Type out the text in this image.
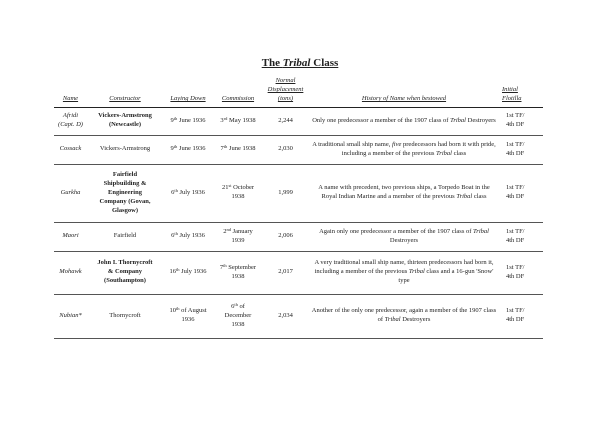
The Tribal Class
Name	Constructor	Laying Down	Commission	Normal
Displacement
(tons)	History of Name when bestowed	Initial
Flotilla

Afridi
(Capt. D)	Vickers-Armstrong
(Newcastle)	9th June 1936	3rd May 1938	2,244	Only one predecessor a member of the 1907 class of Tribal Destroyers	1st TF/
4th DF

Cossack	Vickers-Armstrong	9th June 1936	7th June 1938	2,030	A traditional small ship name, five predecessors had born it with pride, including a member of the previous Tribal class	1st TF/
4th DF

Gurkha	Fairfield
Shipbuilding &
Engineering
Company (Govan,
Glasgow)	6th July 1936	21st October
1938	1,999	A name with precedent, two previous ships, a Torpedo Boat in the Royal Indian Marine and a member of the previous Tribal class	1st TF/
4th DF

Maori	Fairfield	6th July 1936	2nd January
1939	2,006	Again only one predecessor a member of the 1907 class of Tribal Destroyers	1st TF/
4th DF

Mohawk	John I. Thornycroft
& Company
(Southampton)	16th July 1936	7th September
1938	2,017	A very traditional small ship name, thirteen predecessors had born it, including a member of the previous Tribal class and a 16-gun 'Snow' type	1st TF/
4th DF

Nubian*	Thornycroft	10th of August
1936	6th of
December
1938	2,034	Another of the only one predecessor, again a member of the 1907 class of Tribal Destroyers	1st TF/
4th DF
